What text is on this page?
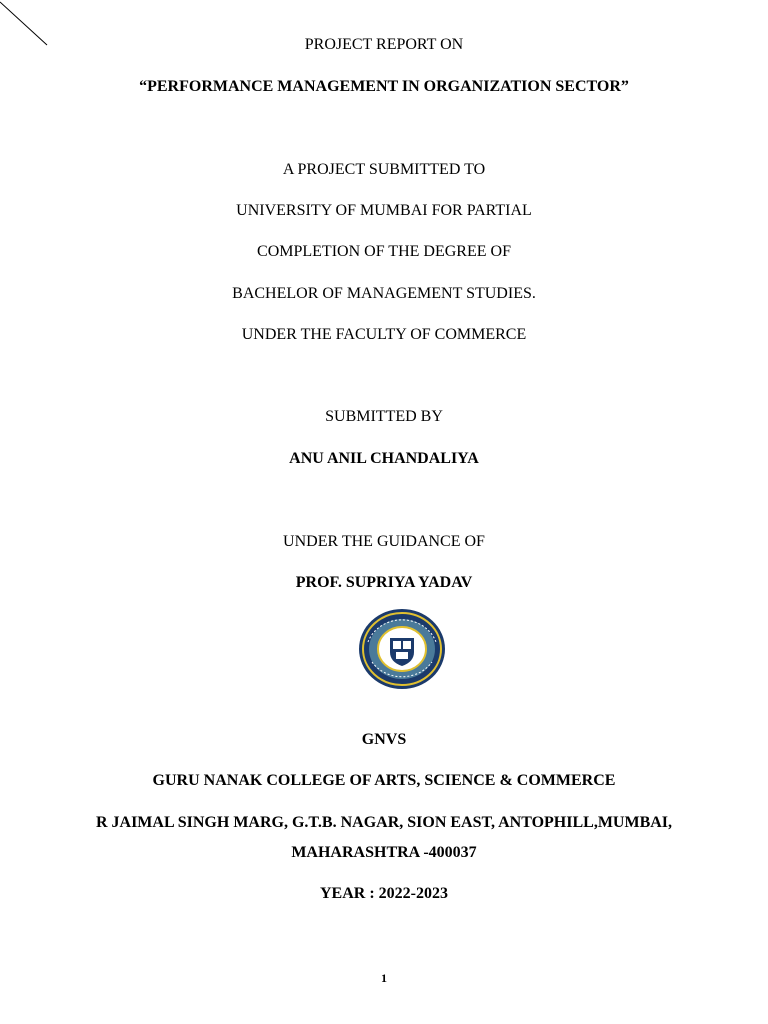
PROJECT REPORT ON
“PERFORMANCE MANAGEMENT IN ORGANIZATION SECTOR”
A PROJECT SUBMITTED TO
UNIVERSITY OF MUMBAI FOR PARTIAL
COMPLETION OF THE DEGREE OF
BACHELOR OF MANAGEMENT STUDIES.
UNDER THE FACULTY OF COMMERCE
SUBMITTED BY
ANU ANIL CHANDALIYA
UNDER THE GUIDANCE OF
PROF. SUPRIYA YADAV
GNVS
GURU NANAK COLLEGE OF ARTS, SCIENCE & COMMERCE
R JAIMAL SINGH MARG, G.T.B. NAGAR, SION EAST, ANTOPHILL,MUMBAI,
MAHARASHTRA -400037
YEAR : 2022-2023
1
